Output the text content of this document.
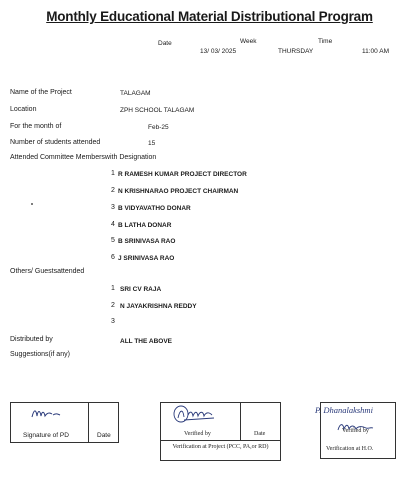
Monthly Educational Material Distributional Program
Date	Week	Time
13/ 03/ 2025	THURSDAY	11:00 AM
Name of the Project	TALAGAM
Location	ZPH SCHOOL TALAGAM
For the month of	Feb-25
Number of students attended	15
Attended Committee Memberswith Designation
1 R RAMESH KUMAR PROJECT DIRECTOR
2 N KRISHNARAO PROJECT CHAIRMAN
3 B VIDYAVATHO DONAR
4 B LATHA DONAR
5 B SRINIVASA RAO
6 J SRINIVASA RAO
Others/ Guestsattended
1 SRI CV RAJA
2 N JAYAKRISHNA REDDY
3
Distributed by	ALL THE ABOVE
Suggestions(if any)
Signature of PD	Date	Verified by	Date
Verification at Project (PCC, PA,or RD)
P. Dhanalakshmi
Verified by
Verification at H.O.
